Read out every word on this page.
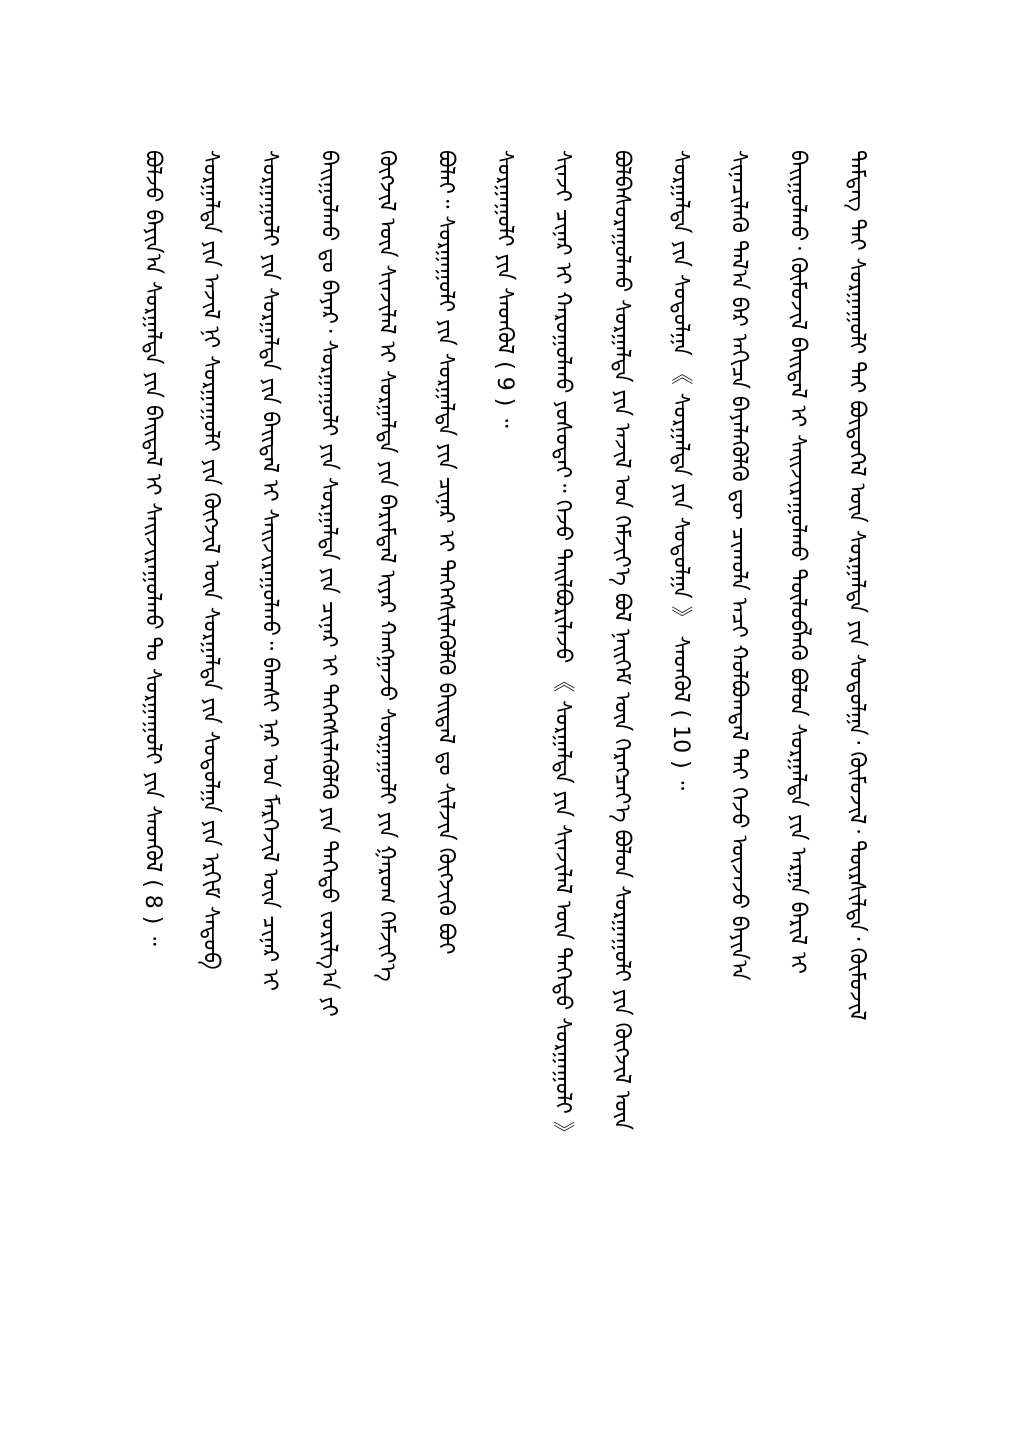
ᠲᠡᠮᠳᠡᠭ ᠲᠠᠢ ᠰᠤᠷᠭᠠᠭᠤᠯᠢ ᠲᠠᠢ ᠪᠦᠲᠦᠭᠡᠯ ᠦᠨ ᠰᠤᠷᠭᠠᠯᠲᠠ ᠶᠢᠨ ᠰᠤᠳᠤᠯᠭᠠ᠂ ᠬᠦᠮᠦᠵᠢᠯ᠂ ᠲᠦᠷᠰᠢᠯᠲᠡ᠂ ᠬᠦᠮᠦᠵᠢᠯ
ᠪᠠᠢᠭᠤᠯᠬᠤ᠂ ᠬᠦᠮᠦᠵᠢᠯ ᠪᠠᠢᠳᠠᠯ ᠢ ᠰᠠᠢᠵᠢᠷᠠᠭᠤᠯᠬᠤ ᠲᠥᠯᠦᠪᠯᠡᠬᠦ ᠪᠤᠯᠤᠨ ᠰᠤᠷᠭᠠᠯᠲᠠ ᠶᠢᠨ ᠠᠷᠭᠠ ᠪᠠᠷᠢᠯ ᠢ
ᠰᠢᠨᠡᠴᠢᠯᠡᠬᠦ ᠲᠠᠯ᠎ᠠ ᠪᠡᠷ ᠠᠬᠢᠴᠠ ᠪᠡᠶᠡᠯᠡᠭᠦᠯᠬᠦ ᠳᠦ ᠴᠢᠬᠤᠯᠠ ᠠᠴᠢ ᠬᠤᠯᠪᠤᠭᠳᠠᠯ ᠲᠠᠢ ᠭᠡᠵᠦ ᠦᠵᠡᠵᠦ ᠪᠠᠶᠢᠨ᠎ᠠ
ᠰᠤᠷᠭᠠᠯᠲᠠ ᠶᠢᠨ ᠰᠤᠳᠤᠯᠭᠠ 《 ᠰᠤᠷᠭᠠᠯᠲᠠ ᠶᠢᠨ ᠰᠤᠳᠤᠯᠭᠠ 》 ᠰᠡᠳᠭᠦᠯ ( 10 ) ᠃
ᠪᠤᠯᠪᠠᠰᠤᠷᠠᠭᠤᠯᠬᠤ ᠰᠤᠷᠭᠠᠯᠲᠠ ᠶᠢᠨ ᠠᠵᠢᠯ ᠤᠨ ᠬᠡᠮᠵᠢᠶ᠎ᠡ ᠪᠤᠯ ᠨᠡᠢᠭᠡᠮ ᠦᠨ ᠬᠡᠷᠡᠭᠴᠡᠶ᠎ᠡ ᠪᠤᠯᠤᠨ ᠰᠤᠷᠭᠠᠭᠤᠯᠢ ᠶᠢᠨ ᠬᠥᠭᠵᠢᠯ ᠦᠨ
ᠰᠢᠨᠵᠢ ᠴᠢᠨᠠᠷ ᠢ ᠬᠠᠷᠤᠭᠤᠯᠬᠤ ᠶᠤᠰᠤᠲᠠᠢ᠃ ᠭᠡᠵᠦ ᠲᠠᠢᠯᠪᠤᠷᠢᠯᠠᠵᠤ 《 ᠰᠤᠷᠭᠠᠯᠲᠠ ᠶᠢᠨ ᠰᠢᠨᠵᠢᠯᠡᠯ ᠦᠨ ᠳᠡᠭᠡᠳᠦ ᠰᠤᠷᠭᠠᠭᠤᠯᠢ 》
ᠰᠤᠷᠭᠠᠭᠤᠯᠢ ᠶᠢᠨ ᠰᠡᠳᠭᠦᠯ ( 9 ) ᠃
ᠪᠣᠯᠠᠢ᠃ ᠰᠤᠷᠭᠠᠭᠤᠯᠢ ᠶᠢᠨ ᠰᠤᠷᠭᠠᠯᠲᠠ ᠶᠢᠨ ᠴᠢᠨᠠᠷ ᠢ ᠳᠡᠭᠡᠭᠰᠢᠯᠡᠭᠦᠯᠬᠦ ᠪᠠᠢᠳᠠᠯ ᠳᠤ ᠰᠢᠯᠵᠢᠨ ᠬᠥᠭᠵᠢᠬᠦ ᠪᠤᠢ
ᠬᠥᠭᠵᠢᠯ ᠦᠨ ᠰᠢᠨᠵᠢᠯᠡᠯ ᠢ ᠰᠤᠷᠭᠠᠯᠲᠠ ᠶᠢᠨ ᠪᠠᠷᠢᠮᠳᠠᠯ ᠢᠶᠠᠷ ᠬᠠᠩᠭᠠᠵᠤ ᠰᠤᠷᠭᠠᠭᠤᠯᠢ ᠶᠢᠨ ᠭᠠᠷᠤᠭ ᠬᠡᠮᠵᠢᠶ᠎ᠡ
ᠪᠠᠢᠭᠤᠯᠬᠤ ᠳᠤ ᠪᠠᠶᠠᠷ᠂ ᠰᠤᠷᠭᠠᠭᠤᠯᠢ ᠶᠢᠨ ᠰᠤᠷᠭᠠᠯᠲᠠ ᠶᠢᠨ ᠴᠢᠨᠠᠷ ᠢ ᠳᠡᠭᠡᠭᠰᠢᠯᠡᠭᠦᠯᠬᠦ ᠶᠢᠨ ᠳᠡᠭᠡᠳᠦ ᠵᠣᠷᠢᠯᠭ᠎ᠠ ᠶᠢ
ᠰᠤᠷᠭᠠᠭᠤᠯᠢ ᠶᠢᠨ ᠰᠤᠷᠭᠠᠯᠲᠠ ᠶᠢᠨ ᠪᠠᠢᠳᠠᠯ ᠢ ᠰᠠᠢᠵᠢᠷᠠᠭᠤᠯᠬᠤ᠃ ᠪᠠᠭᠰᠢ ᠨᠠᠷ ᠤᠨ ᠮᠡᠷᠭᠡᠵᠢᠯ ᠦᠨ ᠴᠢᠨᠠᠷ ᠢ
ᠰᠤᠷᠭᠠᠯᠲᠠ ᠶᠢᠨ ᠠᠵᠢᠯ ᠨᠢ ᠰᠤᠷᠭᠠᠭᠤᠯᠢ ᠶᠢᠨ ᠬᠥᠭᠵᠢᠯ ᠦᠨ ᠰᠤᠷᠭᠠᠯᠲᠠ ᠶᠢᠨ ᠰᠤᠳᠤᠯᠭᠠ ᠶᠢᠨ ᠡᠷᠬᠢᠮ ᠰᠡᠳᠦᠪ
ᠪᠣᠯᠵᠤ ᠪᠠᠶᠢᠨ᠎ᠠ ᠰᠤᠷᠭᠠᠯᠲᠠ ᠶᠢᠨ ᠪᠠᠢᠳᠠᠯ ᠢ ᠰᠠᠢᠵᠢᠷᠠᠭᠤᠯᠬᠤ ᠲᠤ ᠰᠤᠷᠭᠠᠭᠤᠯᠢ ᠶᠢᠨ ᠰᠡᠳᠭᠦᠯ ( 8 ) ᠃
